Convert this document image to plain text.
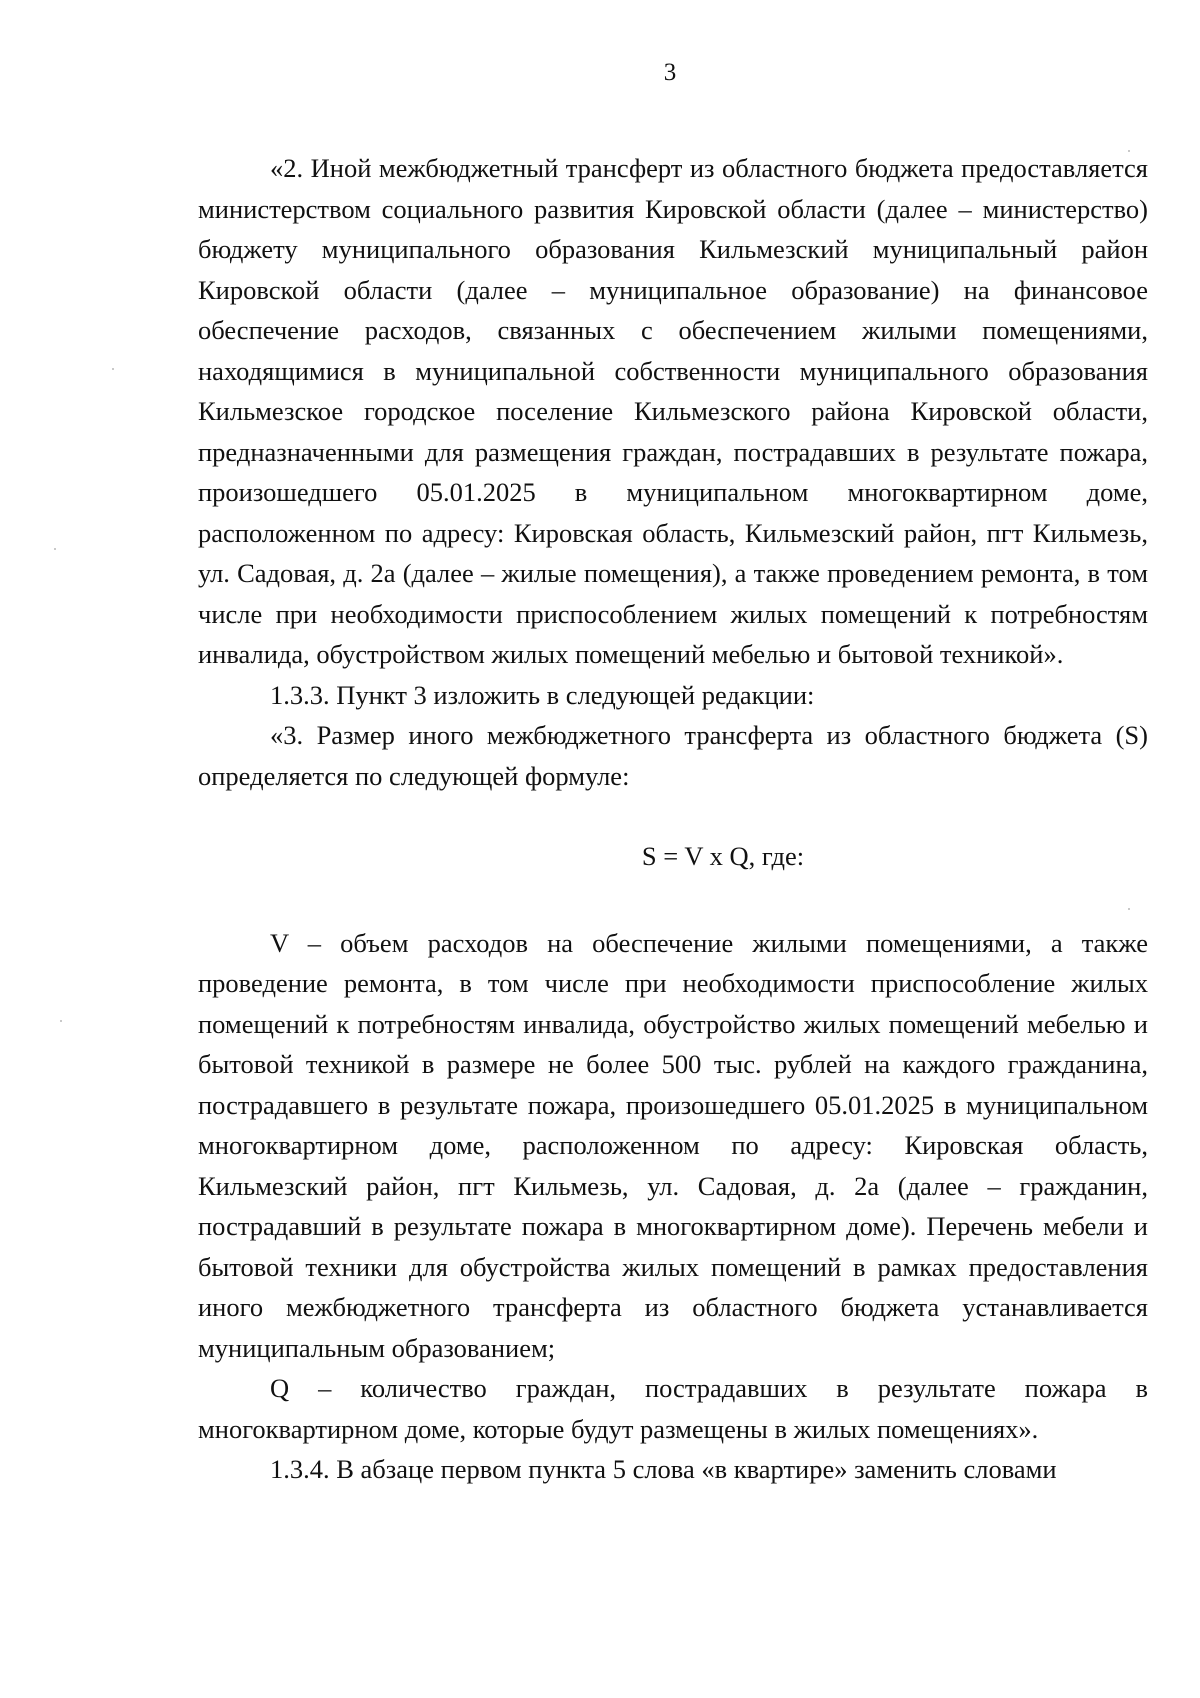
3

«2. Иной межбюджетный трансферт из областного бюджета предоставляется министерством социального развития Кировской области (далее – министерство) бюджету муниципального образования Кильмезский муниципальный район Кировской области (далее – муниципальное образование) на финансовое обеспечение расходов, связанных с обеспечением жилыми помещениями, находящимися в муниципальной собственности муниципального образования Кильмезское городское поселение Кильмезского района Кировской области, предназначенными для размещения граждан, пострадавших в результате пожара, произошедшего 05.01.2025 в муниципальном многоквартирном доме, расположенном по адресу: Кировская область, Кильмезский район, пгт Кильмезь, ул. Садовая, д. 2а (далее – жилые помещения), а также проведением ремонта, в том числе при необходимости приспособлением жилых помещений к потребностям инвалида, обустройством жилых помещений мебелью и бытовой техникой».

1.3.3. Пункт 3 изложить в следующей редакции:

«3. Размер иного межбюджетного трансферта из областного бюджета (S) определяется по следующей формуле:

S = V x Q, где:

V – объем расходов на обеспечение жилыми помещениями, а также проведение ремонта, в том числе при необходимости приспособление жилых помещений к потребностям инвалида, обустройство жилых помещений мебелью и бытовой техникой в размере не более 500 тыс. рублей на каждого гражданина, пострадавшего в результате пожара, произошедшего 05.01.2025 в муниципальном многоквартирном доме, расположенном по адресу: Кировская область, Кильмезский район, пгт Кильмезь, ул. Садовая, д. 2а (далее – гражданин, пострадавший в результате пожара в многоквартирном доме). Перечень мебели и бытовой техники для обустройства жилых помещений в рамках предоставления иного межбюджетного трансферта из областного бюджета устанавливается муниципальным образованием;

Q – количество граждан, пострадавших в результате пожара в многоквартирном доме, которые будут размещены в жилых помещениях».

1.3.4. В абзаце первом пункта 5 слова «в квартире» заменить словами
